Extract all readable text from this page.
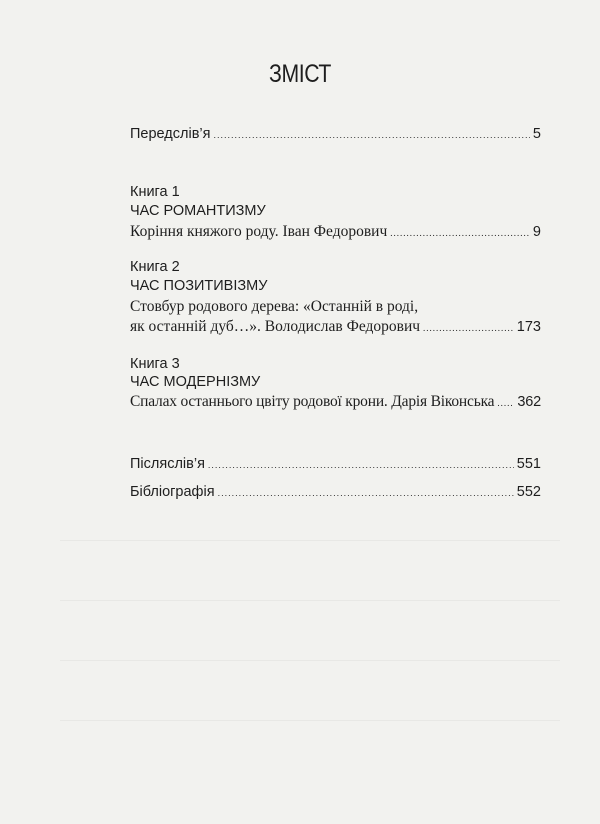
ЗМІСТ
Передслів’я .....	5
Книга 1
ЧАС РОМАНТИЗМУ
Коріння княжого роду. Іван Федорович .....	9
Книга 2
ЧАС ПОЗИТИВІЗМУ
Стовбур родового дерева: «Останній в роді,
як останній дуб…». Володислав Федорович .....	173
Книга 3
ЧАС МОДЕРНІЗМУ
Спалах останнього цвіту родової крони. Дарія Віконська ..... 362
Післяслів’я .....	551
Бібліографія .....	552
